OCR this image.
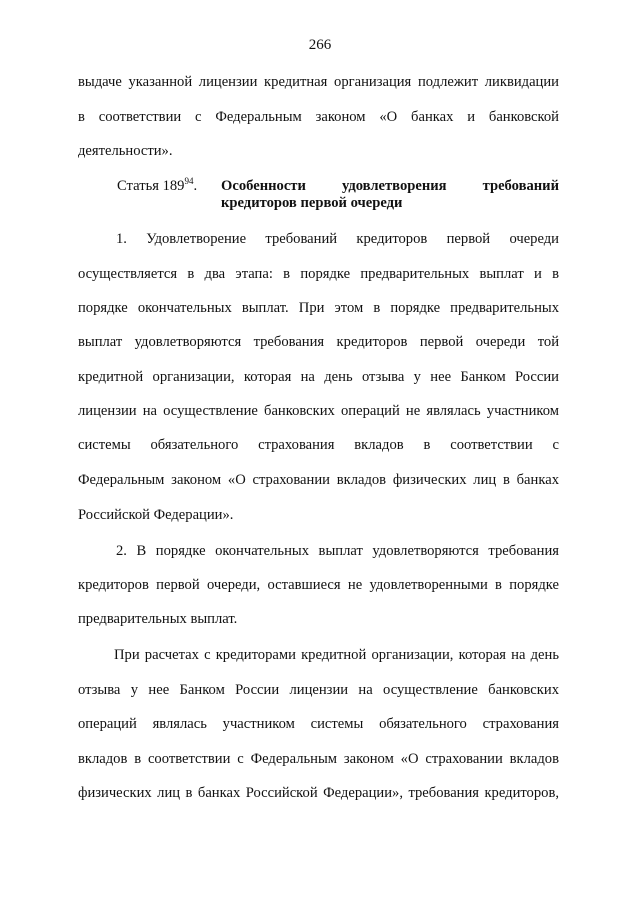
266
выдаче указанной лицензии кредитная организация подлежит ликвидации
в соответствии с Федеральным законом «О банках и банковской
деятельности».
Статья $189^{94}$. Особенности удовлетворения требований
кредиторов первой очереди
1. Удовлетворение требований кредиторов первой очереди
осуществляется в два этапа: в порядке предварительных выплат и в
порядке окончательных выплат. При этом в порядке предварительных
выплат удовлетворяются требования кредиторов первой очереди той
кредитной организации, которая на день отзыва у нее Банком России
лицензии на осуществление банковских операций не являлась участником
системы обязательного страхования вкладов в соответствии с
Федеральным законом «О страховании вкладов физических лиц в банках
Российской Федерации».
2. В порядке окончательных выплат удовлетворяются требования
кредиторов первой очереди, оставшиеся не удовлетворенными в порядке
предварительных выплат.
При расчетах с кредиторами кредитной организации, которая на день
отзыва у нее Банком России лицензии на осуществление банковских
операций являлась участником системы обязательного страхования
вкладов в соответствии с Федеральным законом «О страховании вкладов
физических лиц в банках Российской Федерации», требования кредиторов,
